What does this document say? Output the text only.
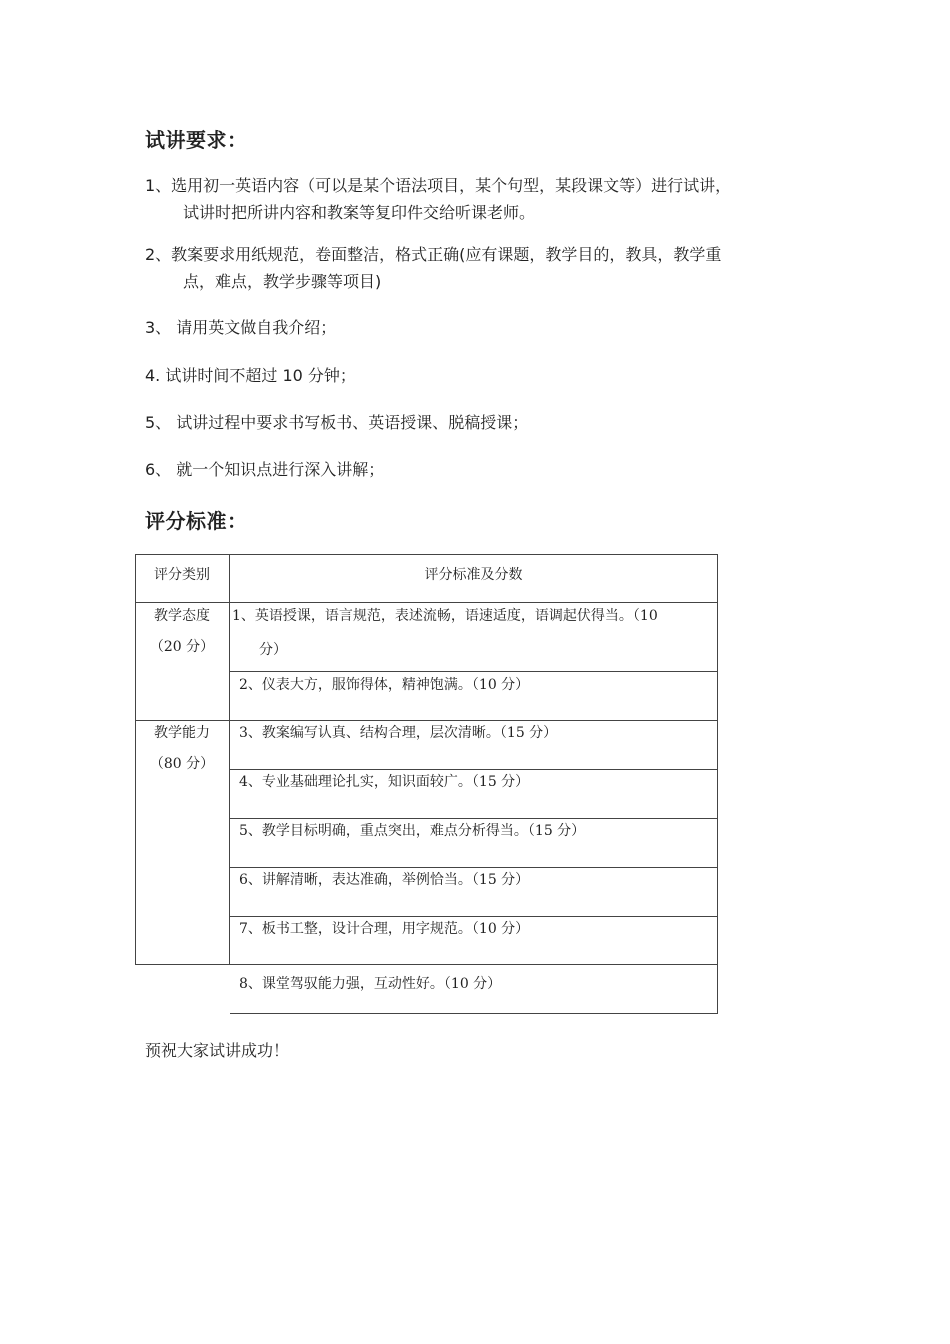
试讲要求：
1、选用初一英语内容（可以是某个语法项目，某个句型，某段课文等）进行试讲，
试讲时把所讲内容和教案等复印件交给听课老师。
2、教案要求用纸规范，卷面整洁，格式正确(应有课题，教学目的，教具，教学重
点，难点，教学步骤等项目)
3、 请用英文做自我介绍；
4. 试讲时间不超过 10 分钟；
5、 试讲过程中要求书写板书、英语授课、脱稿授课；
6、 就一个知识点进行深入讲解；
评分标准：
评分类别	评分标准及分数
教学态度
（20 分）
教学能力
（80 分）
1、英语授课，语言规范，表述流畅，语速适度，语调起伏得当。（10
分）
2、仪表大方，服饰得体，精神饱满。（10 分）
3、教案编写认真、结构合理，层次清晰。（15 分）
4、专业基础理论扎实，知识面较广。（15 分）
5、教学目标明确，重点突出，难点分析得当。（15 分）
6、讲解清晰，表达准确，举例恰当。（15 分）
7、板书工整，设计合理，用字规范。（10 分）
8、课堂驾驭能力强，互动性好。（10 分）
预祝大家试讲成功！
